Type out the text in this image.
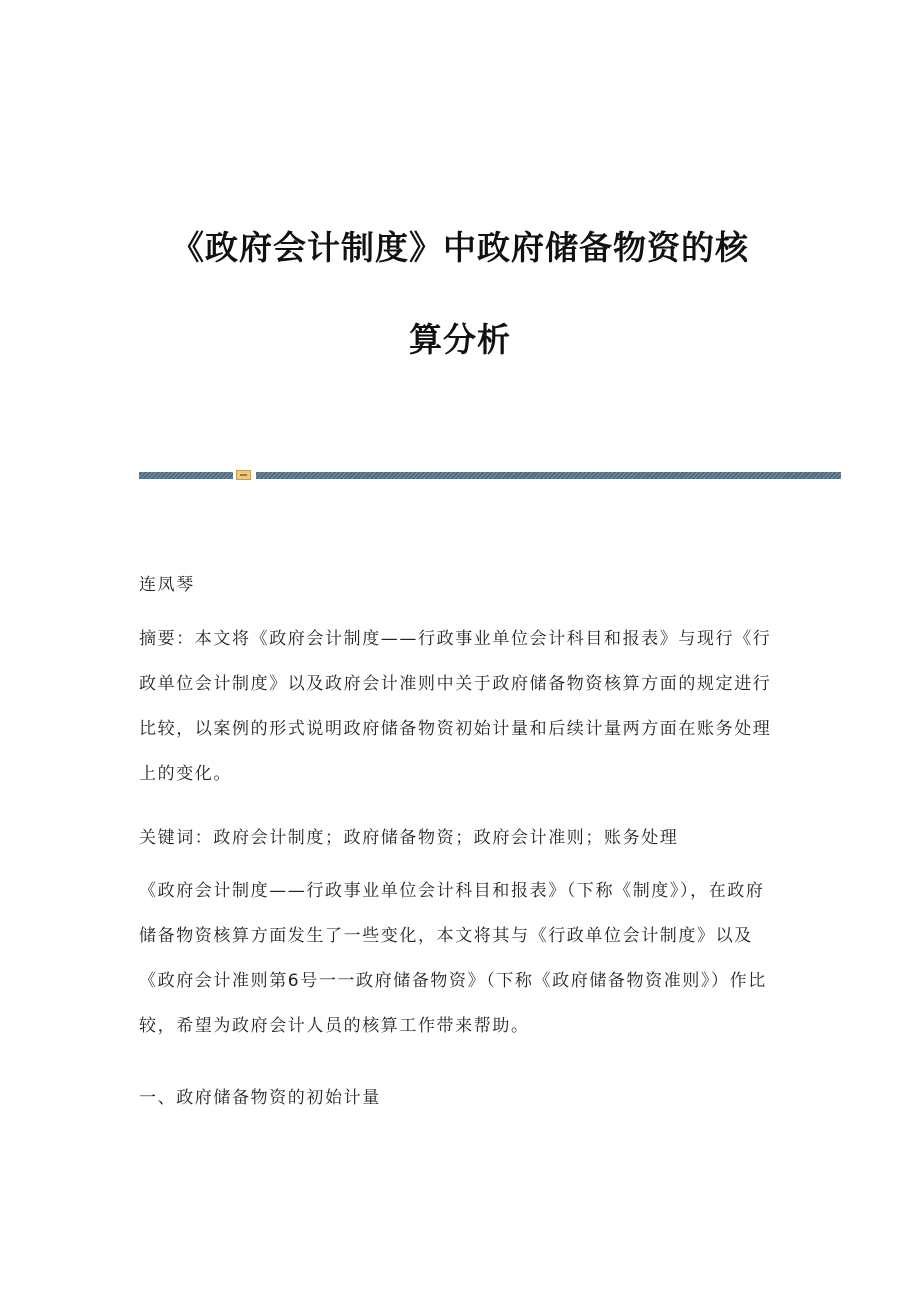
《政府会计制度》中政府储备物资的核
算分析
连凤琴
摘要：本文将《政府会计制度——行政事业单位会计科目和报表》与现行《行政单位会计制度》以及政府会计准则中关于政府储备物资核算方面的规定进行比较，以案例的形式说明政府储备物资初始计量和后续计量两方面在账务处理上的变化。
关键词：政府会计制度；政府储备物资；政府会计准则；账务处理
《政府会计制度——行政事业单位会计科目和报表》（下称《制度》），在政府储备物资核算方面发生了一些变化，本文将其与《行政单位会计制度》以及《政府会计准则第6号一一政府储备物资》（下称《政府储备物资准则》）作比较，希望为政府会计人员的核算工作带来帮助。
一、政府储备物资的初始计量
